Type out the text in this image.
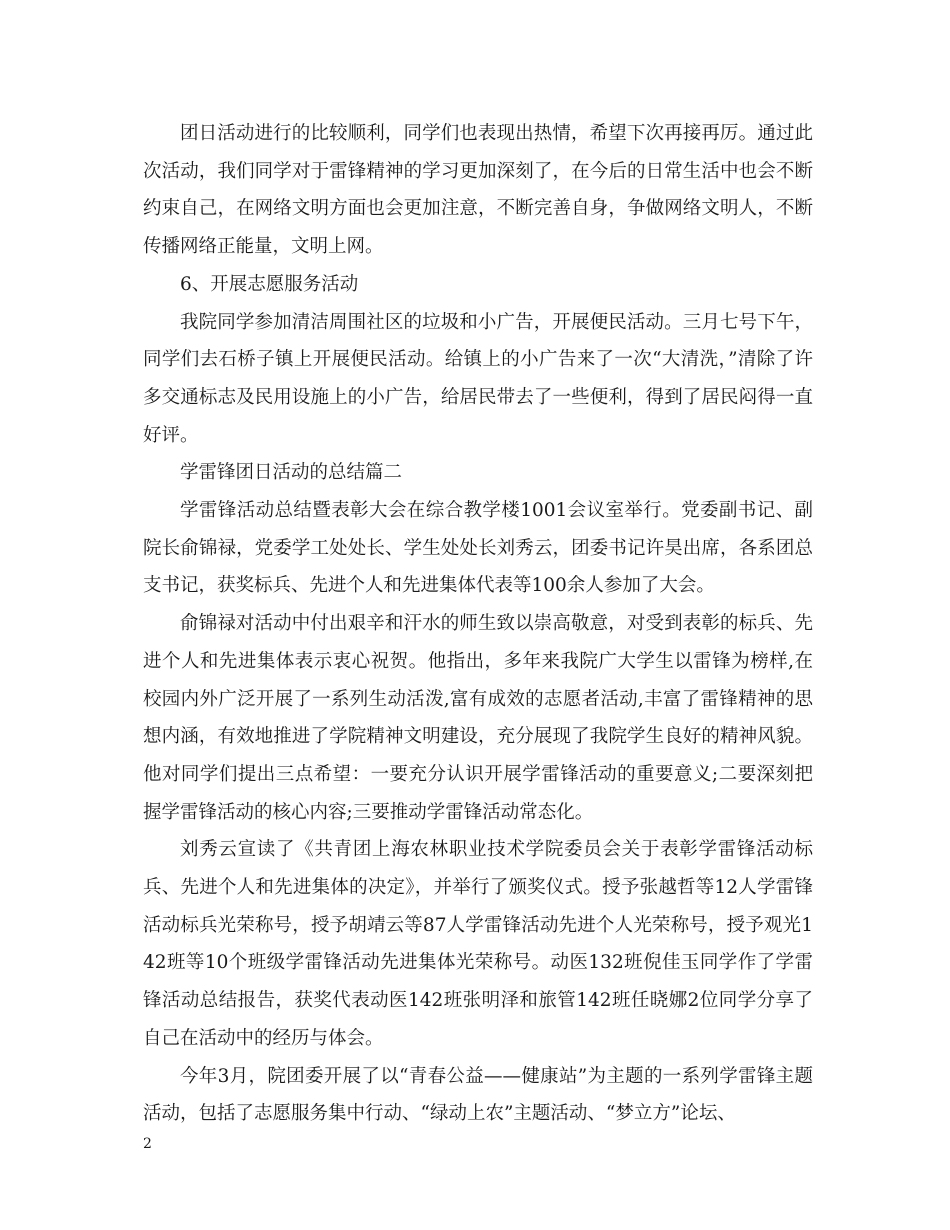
团日活动进行的比较顺利，同学们也表现出热情，希望下次再接再厉。通过此次活动，我们同学对于雷锋精神的学习更加深刻了，在今后的日常生活中也会不断约束自己，在网络文明方面也会更加注意，不断完善自身，争做网络文明人，不断传播网络正能量，文明上网。

6、开展志愿服务活动

我院同学参加清洁周围社区的垃圾和小广告，开展便民活动。三月七号下午，同学们去石桥子镇上开展便民活动。给镇上的小广告来了一次“大清洗，”清除了许多交通标志及民用设施上的小广告，给居民带去了一些便利，得到了居民闷得一直好评。

学雷锋团日活动的总结篇二

学雷锋活动总结暨表彰大会在综合教学楼1001会议室举行。党委副书记、副院长俞锦禄，党委学工处处长、学生处处长刘秀云，团委书记许昊出席，各系团总支书记，获奖标兵、先进个人和先进集体代表等100余人参加了大会。

俞锦禄对活动中付出艰辛和汗水的师生致以崇高敬意，对受到表彰的标兵、先进个人和先进集体表示衷心祝贺。他指出，多年来我院广大学生以雷锋为榜样,在校园内外广泛开展了一系列生动活泼,富有成效的志愿者活动,丰富了雷锋精神的思想内涵，有效地推进了学院精神文明建设，充分展现了我院学生良好的精神风貌。他对同学们提出三点希望：一要充分认识开展学雷锋活动的重要意义;二要深刻把握学雷锋活动的核心内容;三要推动学雷锋活动常态化。

刘秀云宣读了《共青团上海农林职业技术学院委员会关于表彰学雷锋活动标兵、先进个人和先进集体的决定》，并举行了颁奖仪式。授予张越哲等12人学雷锋活动标兵光荣称号，授予胡靖云等87人学雷锋活动先进个人光荣称号，授予观光142班等10个班级学雷锋活动先进集体光荣称号。动医132班倪佳玉同学作了学雷锋活动总结报告，获奖代表动医142班张明泽和旅管142班任晓娜2位同学分享了自己在活动中的经历与体会。

今年3月，院团委开展了以“青春公益——健康站”为主题的一系列学雷锋主题活动，包括了志愿服务集中行动、“绿动上农”主题活动、“梦立方”论坛、

2
